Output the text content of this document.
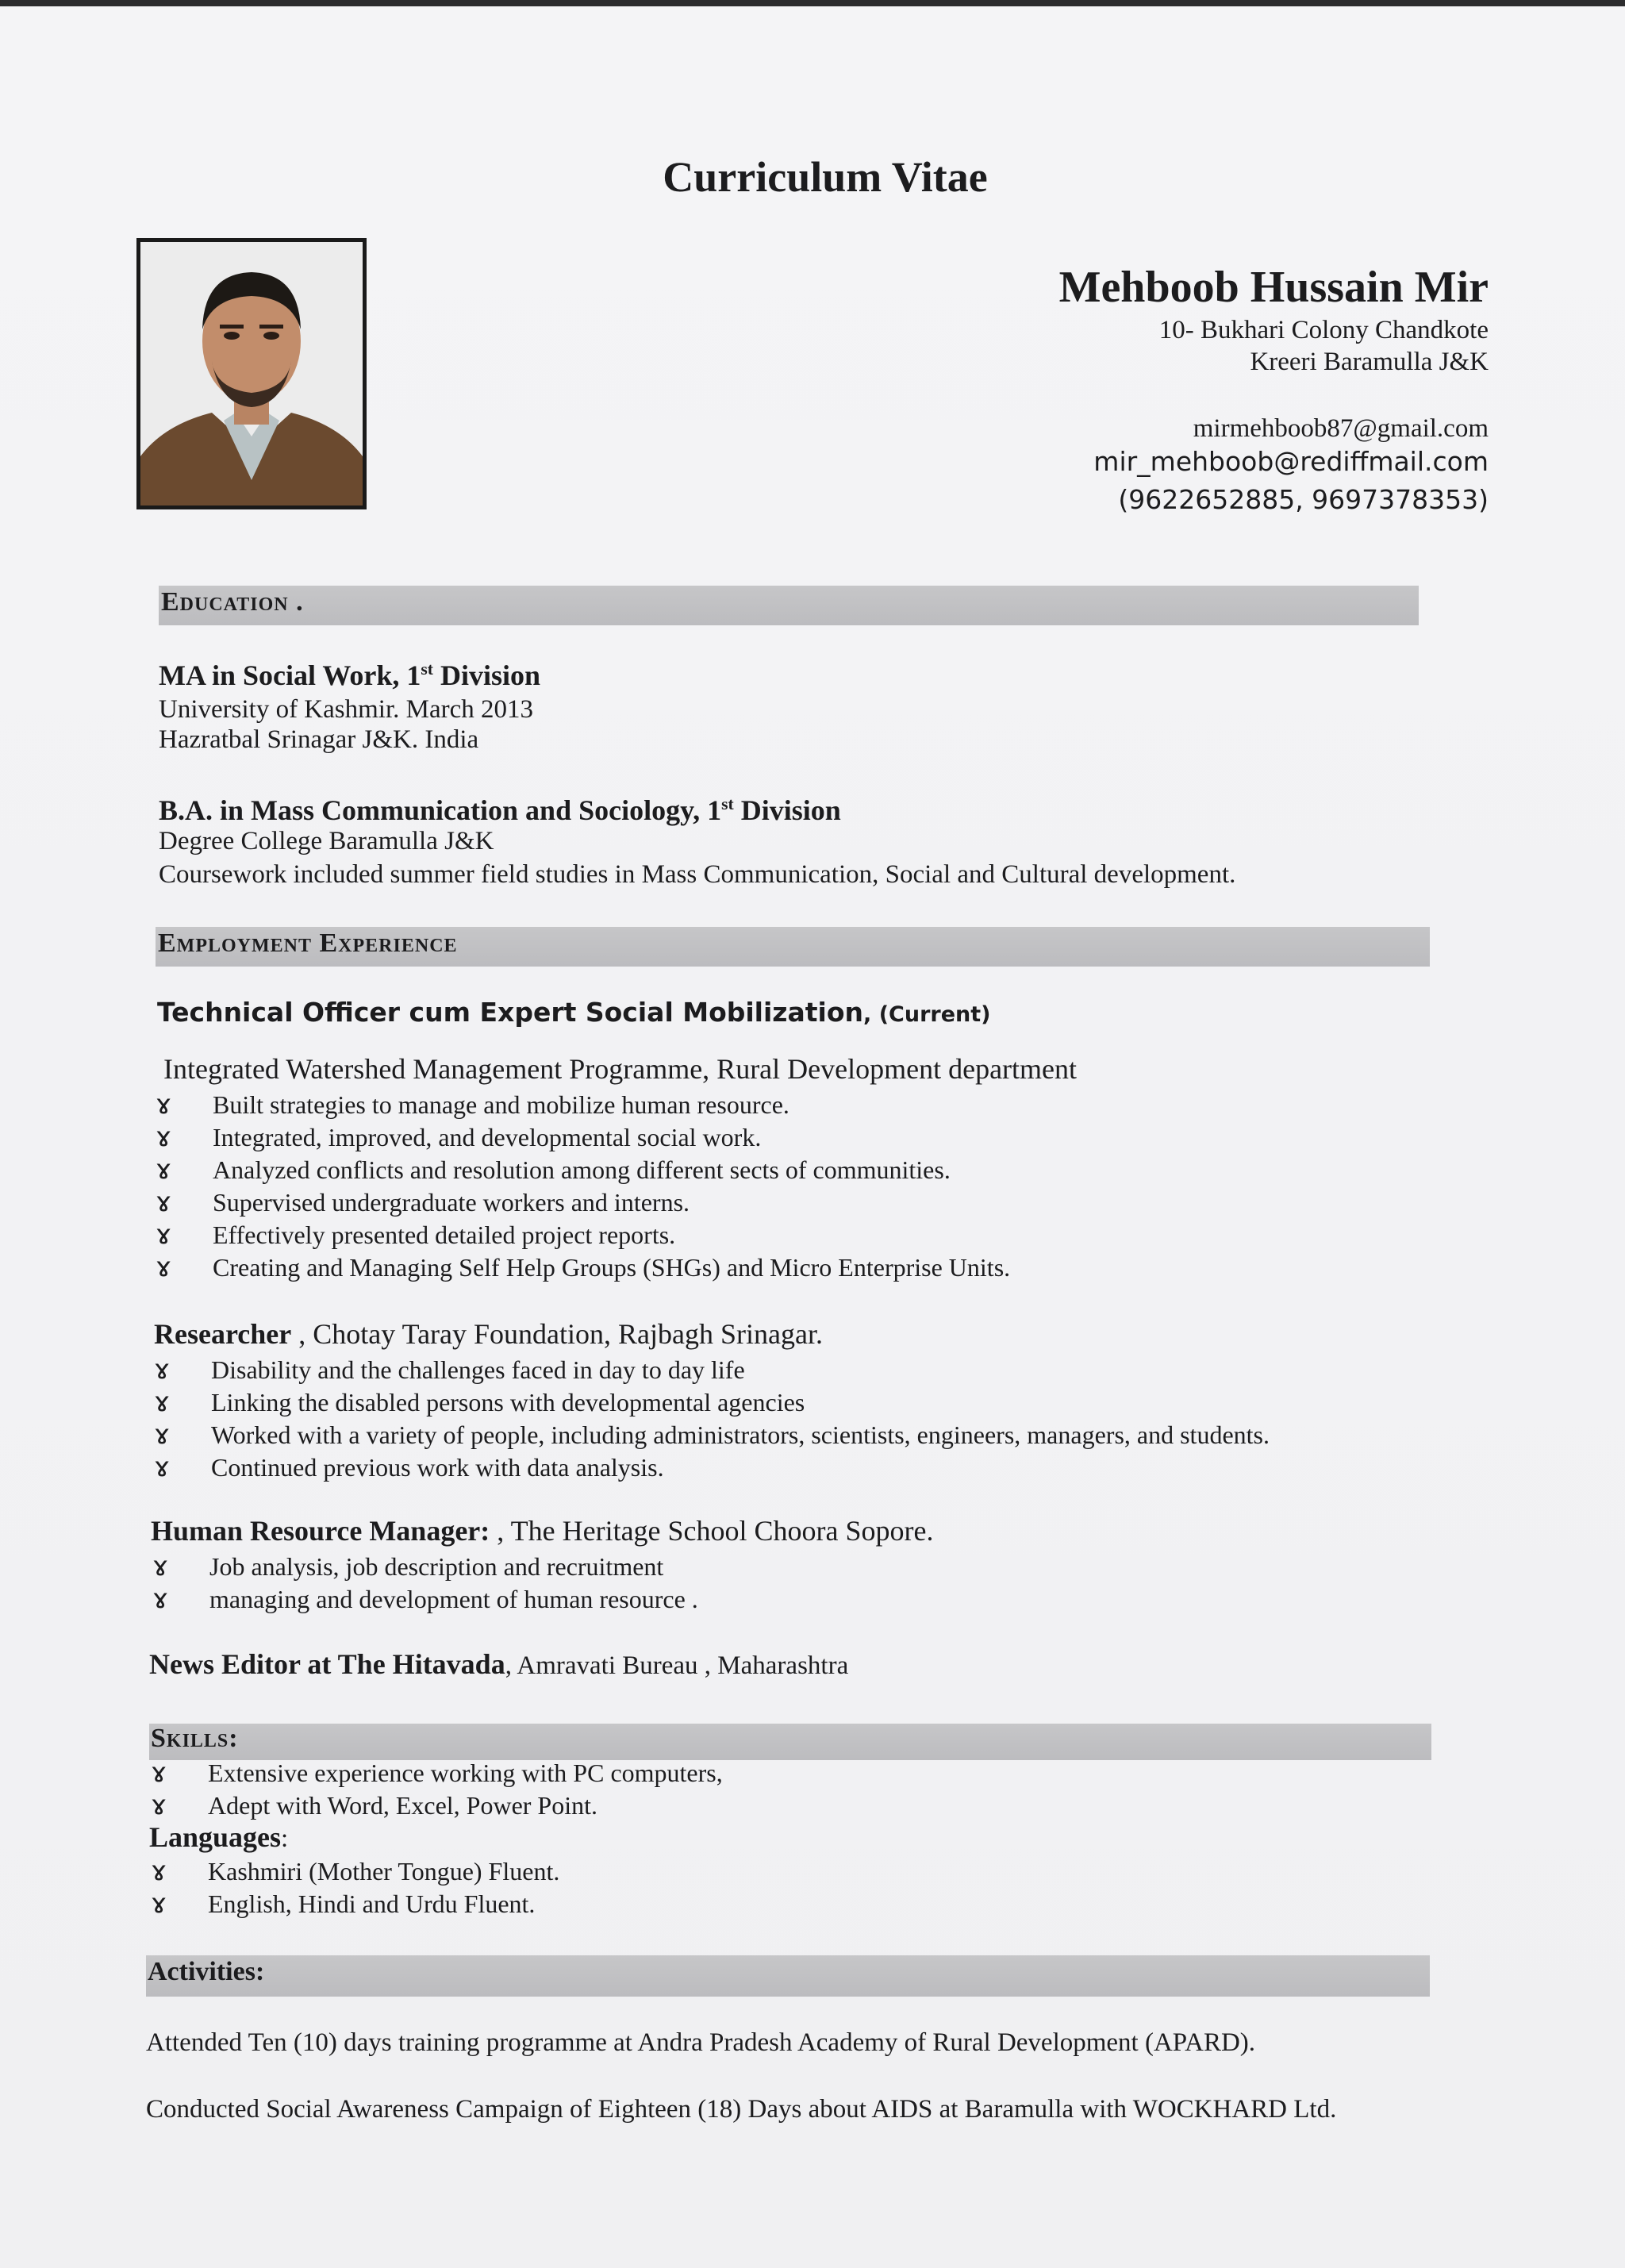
Curriculum Vitae
Mehboob Hussain Mir
10- Bukhari Colony Chandkote
Kreeri Baramulla J&K
mirmehboob87@gmail.com
mir_mehboob@rediffmail.com
(9622652885, 9697378353)
Education .
MA in Social Work, 1st Division
University of Kashmir. March 2013
Hazratbal Srinagar J&K. India
B.A. in Mass Communication and Sociology, 1st Division
Degree College Baramulla J&K
Coursework included summer field studies in Mass Communication, Social and Cultural development.
Employment Experience
Technical Officer cum Expert Social Mobilization, (Current)
Integrated Watershed Management Programme, Rural Development department
ɤ	Built strategies to manage and mobilize human resource.
ɤ	Integrated, improved, and developmental social work.
ɤ	Analyzed conflicts and resolution among different sects of communities.
ɤ	Supervised undergraduate workers and interns.
ɤ	Effectively presented detailed project reports.
ɤ	Creating and Managing Self Help Groups (SHGs) and Micro Enterprise Units.
Researcher , Chotay Taray Foundation, Rajbagh Srinagar.
ɤ	Disability and the challenges faced in day to day life
ɤ	Linking the disabled persons with developmental agencies
ɤ	Worked with a variety of people, including administrators, scientists, engineers, managers, and students.
ɤ	Continued previous work with data analysis.
Human Resource Manager: , The Heritage School Choora Sopore.
ɤ	Job analysis, job description and recruitment
ɤ	managing and development of human resource .
News Editor at The Hitavada, Amravati Bureau , Maharashtra
Skills:
ɤ	Extensive experience working with PC computers,
ɤ	Adept with Word, Excel, Power Point.
Languages:
ɤ	Kashmiri (Mother Tongue) Fluent.
ɤ	English, Hindi and Urdu Fluent.
Activities:
Attended Ten (10) days training programme at Andra Pradesh Academy of Rural Development (APARD).
Conducted Social Awareness Campaign of Eighteen (18) Days about AIDS at Baramulla with WOCKHARD Ltd.
